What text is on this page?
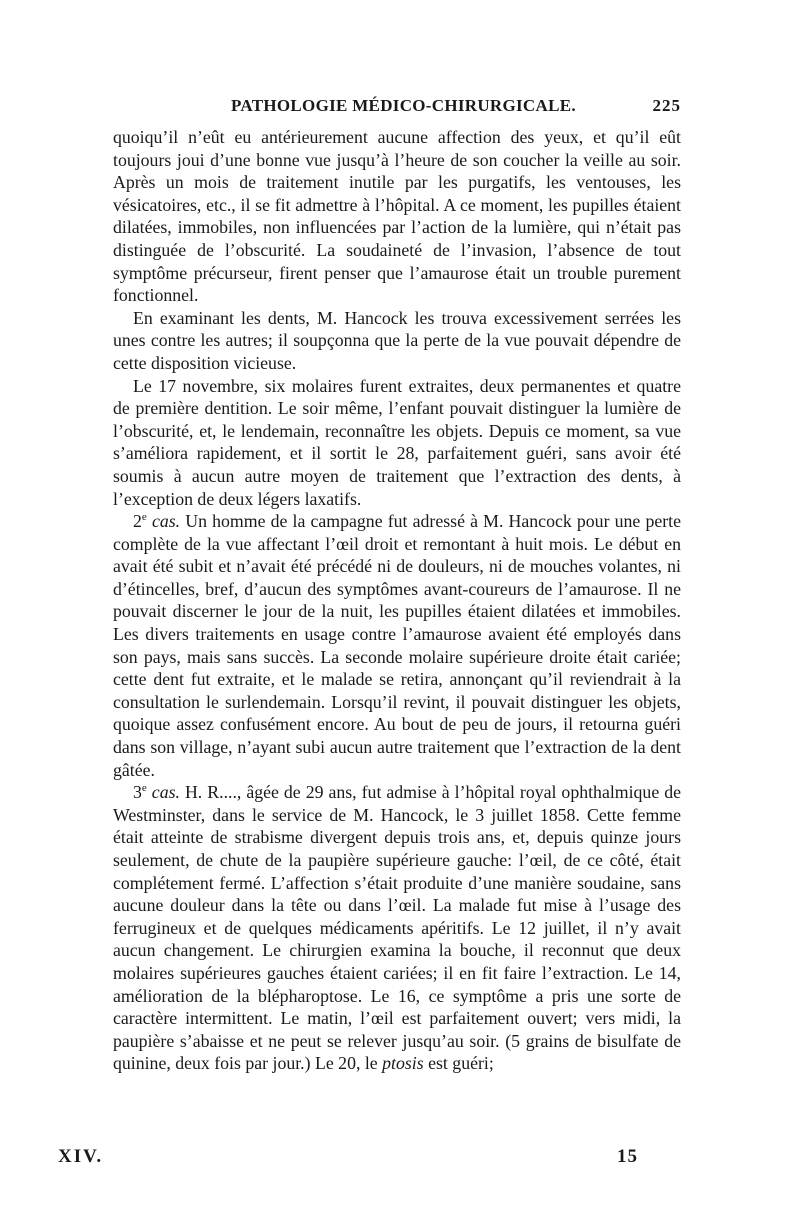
PATHOLOGIE MÉDICO-CHIRURGICALE.	225

quoiqu’il n’eût eu antérieurement aucune affection des yeux, et qu’il eût toujours joui d’une bonne vue jusqu’à l’heure de son coucher la veille au soir. Après un mois de traitement inutile par les purgatifs, les ventouses, les vésicatoires, etc., il se fit admettre à l’hôpital. A ce moment, les pupilles étaient dilatées, immobiles, non influencées par l’action de la lumière, qui n’était pas distinguée de l’obscurité. La soudaineté de l’invasion, l’absence de tout symptôme précurseur, firent penser que l’amaurose était un trouble purement fonctionnel.

En examinant les dents, M. Hancock les trouva excessivement serrées les unes contre les autres; il soupçonna que la perte de la vue pouvait dépendre de cette disposition vicieuse.

Le 17 novembre, six molaires furent extraites, deux permanentes et quatre de première dentition. Le soir même, l’enfant pouvait distinguer la lumière de l’obscurité, et, le lendemain, reconnaître les objets. Depuis ce moment, sa vue s’améliora rapidement, et il sortit le 28, parfaitement guéri, sans avoir été soumis à aucun autre moyen de traitement que l’extraction des dents, à l’exception de deux légers laxatifs.

2e cas. Un homme de la campagne fut adressé à M. Hancock pour une perte complète de la vue affectant l’œil droit et remontant à huit mois. Le début en avait été subit et n’avait été précédé ni de douleurs, ni de mouches volantes, ni d’étincelles, bref, d’aucun des symptômes avant-coureurs de l’amaurose. Il ne pouvait discerner le jour de la nuit, les pupilles étaient dilatées et immobiles. Les divers traitements en usage contre l’amaurose avaient été employés dans son pays, mais sans succès. La seconde molaire supérieure droite était cariée; cette dent fut extraite, et le malade se retira, annonçant qu’il reviendrait à la consultation le surlendemain. Lorsqu’il revint, il pouvait distinguer les objets, quoique assez confusément encore. Au bout de peu de jours, il retourna guéri dans son village, n’ayant subi aucun autre traitement que l’extraction de la dent gâtée.

3e cas. H. R...., âgée de 29 ans, fut admise à l’hôpital royal ophthalmique de Westminster, dans le service de M. Hancock, le 3 juillet 1858. Cette femme était atteinte de strabisme divergent depuis trois ans, et, depuis quinze jours seulement, de chute de la paupière supérieure gauche: l’œil, de ce côté, était complétement fermé. L’affection s’était produite d’une manière soudaine, sans aucune douleur dans la tête ou dans l’œil. La malade fut mise à l’usage des ferrugineux et de quelques médicaments apéritifs. Le 12 juillet, il n’y avait aucun changement. Le chirurgien examina la bouche, il reconnut que deux molaires supérieures gauches étaient cariées; il en fit faire l’extraction. Le 14, amélioration de la blépharoptose. Le 16, ce symptôme a pris une sorte de caractère intermittent. Le matin, l’œil est parfaitement ouvert; vers midi, la paupière s’abaisse et ne peut se relever jusqu’au soir. (5 grains de bisulfate de quinine, deux fois par jour.) Le 20, le ptosis est guéri;

XIV.	15
